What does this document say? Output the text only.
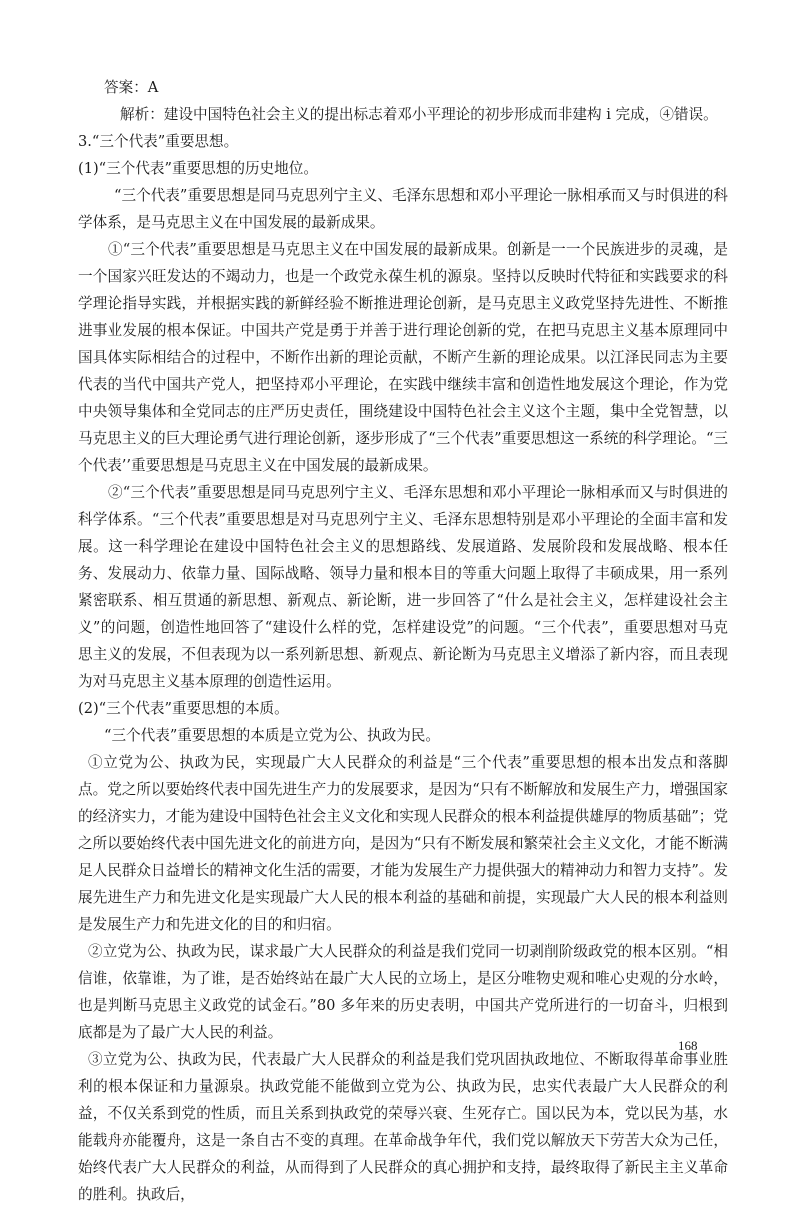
答案：A

解析：建设中国特色社会主义的提出标志着邓小平理论的初步形成而非建构 i 完成，④错误。

3.“三个代表”重要思想。

(1)“三个代表”重要思想的历史地位。

“三个代表”重要思想是同马克思列宁主义、毛泽东思想和邓小平理论一脉相承而又与时俱进的科学体系，是马克思主义在中国发展的最新成果。

①“三个代表”重要思想是马克思主义在中国发展的最新成果。创新是一一个民族进步的灵魂，是一个国家兴旺发达的不竭动力，也是一个政党永葆生机的源泉。坚持以反映时代特征和实践要求的科学理论指导实践，并根据实践的新鲜经验不断推进理论创新，是马克思主义政党坚持先进性、不断推进事业发展的根本保证。中国共产党是勇于并善于进行理论创新的党，在把马克思主义基本原理同中国具体实际相结合的过程中，不断作出新的理论贡献，不断产生新的理论成果。以江泽民同志为主要代表的当代中国共产党人，把坚持邓小平理论，在实践中继续丰富和创造性地发展这个理论，作为党中央领导集体和全党同志的庄严历史责任，围绕建设中国特色社会主义这个主题，集中全党智慧，以马克思主义的巨大理论勇气进行理论创新，逐步形成了“三个代表”重要思想这一系统的科学理论。“三个代表’’重要思想是马克思主义在中国发展的最新成果。

②“三个代表”重要思想是同马克思列宁主义、毛泽东思想和邓小平理论一脉相承而又与时俱进的科学体系。“三个代表”重要思想是对马克思列宁主义、毛泽东思想特别是邓小平理论的全面丰富和发展。这一科学理论在建设中国特色社会主义的思想路线、发展道路、发展阶段和发展战略、根本任务、发展动力、依靠力量、国际战略、领导力量和根本目的等重大问题上取得了丰硕成果，用一系列紧密联系、相互贯通的新思想、新观点、新论断，进一步回答了“什么是社会主义，怎样建设社会主义”的问题，创造性地回答了“建设什么样的党，怎样建设党”的问题。“三个代表”，重要思想对马克思主义的发展，不但表现为以一系列新思想、新观点、新论断为马克思主义增添了新内容，而且表现为对马克思主义基本原理的创造性运用。

(2)“三个代表”重要思想的本质。

“三个代表”重要思想的本质是立党为公、执政为民。

①立党为公、执政为民，实现最广大人民群众的利益是“三个代表”重要思想的根本出发点和落脚点。党之所以要始终代表中国先进生产力的发展要求，是因为“只有不断解放和发展生产力，增强国家的经济实力，才能为建设中国特色社会主义文化和实现人民群众的根本利益提供雄厚的物质基础”；党之所以要始终代表中国先进文化的前进方向，是因为“只有不断发展和繁荣社会主义文化，才能不断满足人民群众日益增长的精神文化生活的需要，才能为发展生产力提供强大的精神动力和智力支持”。发展先进生产力和先进文化是实现最广大人民的根本利益的基础和前提，实现最广大人民的根本利益则是发展生产力和先进文化的目的和归宿。

②立党为公、执政为民，谋求最广大人民群众的利益是我们党同一切剥削阶级政党的根本区别。“相信谁，依靠谁，为了谁，是否始终站在最广大人民的立场上，是区分唯物史观和唯心史观的分水岭，也是判断马克思主义政党的试金石。”80 多年来的历史表明，中国共产党所进行的一切奋斗，归根到底都是为了最广大人民的利益。

③立党为公、执政为民，代表最广大人民群众的利益是我们党巩固执政地位、不断取得革命事业胜利的根本保证和力量源泉。执政党能不能做到立党为公、执政为民，忠实代表最广大人民群众的利益，不仅关系到党的性质，而且关系到执政党的荣辱兴衰、生死存亡。国以民为本，党以民为基，水能载舟亦能覆舟，这是一条自古不变的真理。在革命战争年代，我们党以解放天下劳苦大众为己任，始终代表广大人民群众的利益，从而得到了人民群众的真心拥护和支持，最终取得了新民主主义革命的胜利。执政后，

168
